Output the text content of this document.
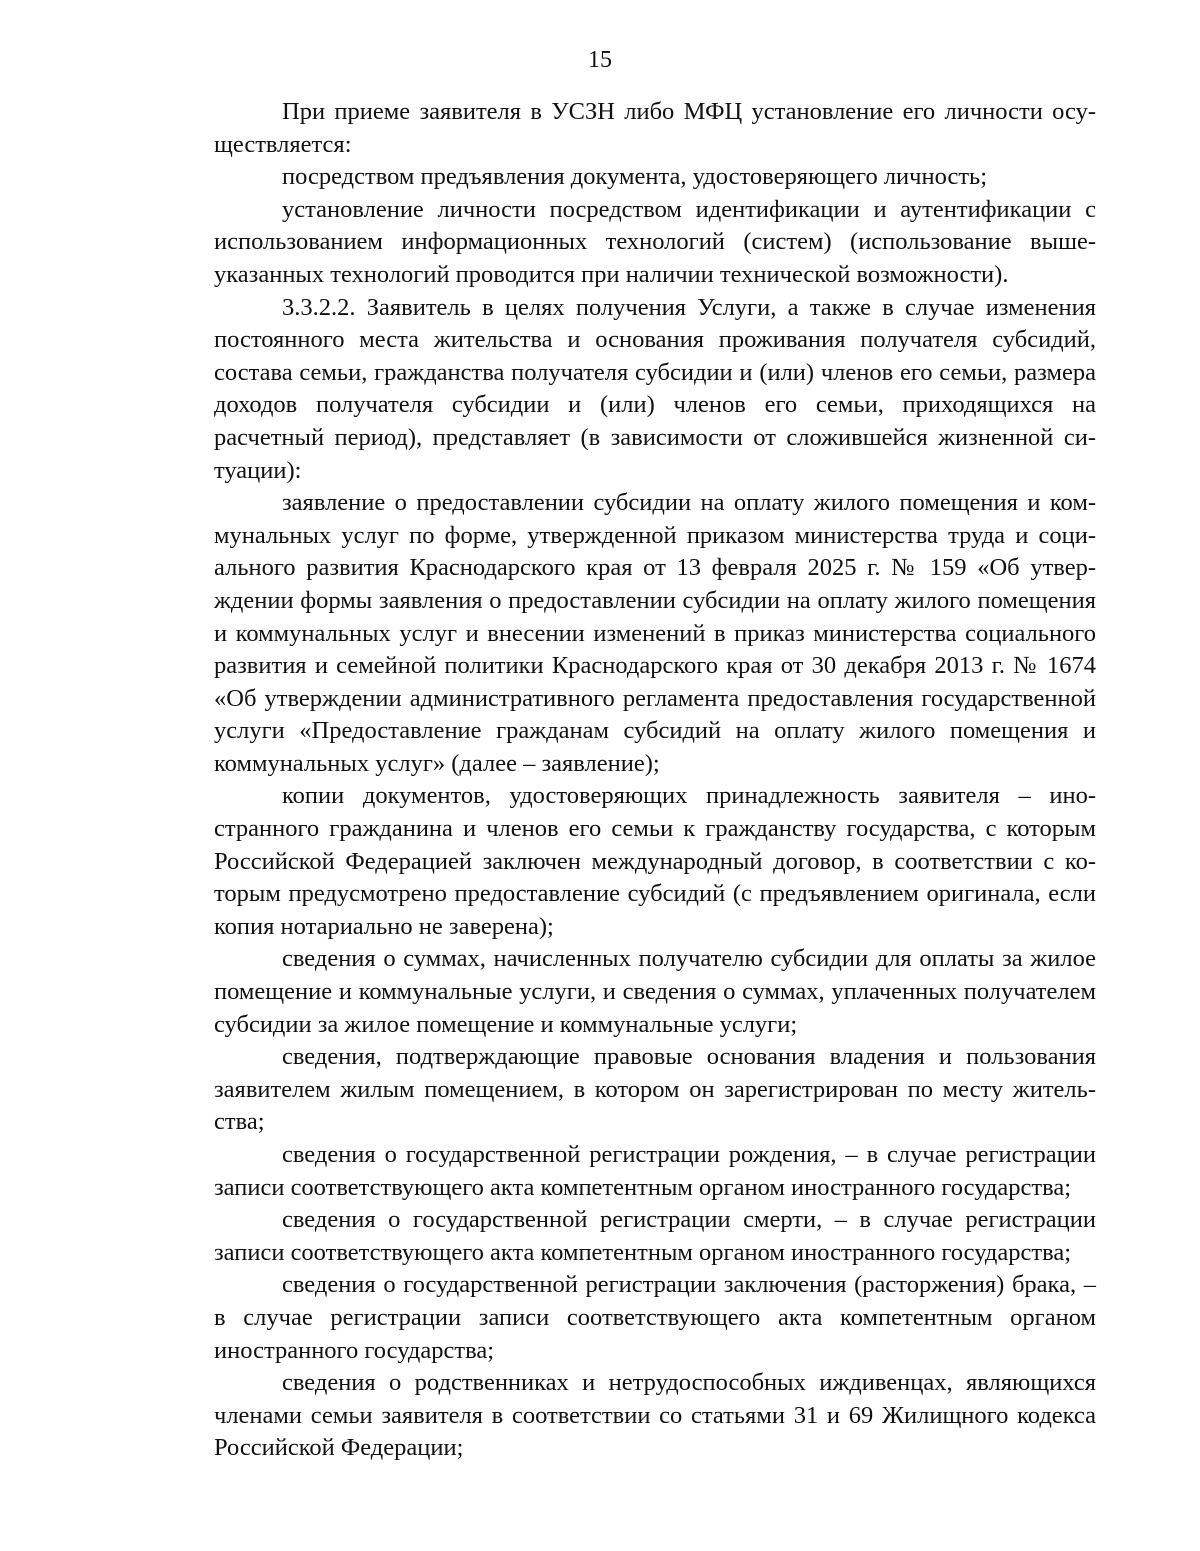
15

При приеме заявителя в УСЗН либо МФЦ установление его личности осуществляется:

посредством предъявления документа, удостоверяющего личность;

установление личности посредством идентификации и аутентификации с использованием информационных технологий (систем) (использование вышеуказанных технологий проводится при наличии технической возможности).

3.3.2.2. Заявитель в целях получения Услуги, а также в случае изменения постоянного места жительства и основания проживания получателя субсидий, состава семьи, гражданства получателя субсидии и (или) членов его семьи, размера доходов получателя субсидии и (или) членов его семьи, приходящихся на расчетный период), представляет (в зависимости от сложившейся жизненной ситуации):

заявление о предоставлении субсидии на оплату жилого помещения и коммунальных услуг по форме, утвержденной приказом министерства труда и социального развития Краснодарского края от 13 февраля 2025 г. № 159 «Об утверждении формы заявления о предоставлении субсидии на оплату жилого помещения и коммунальных услуг и внесении изменений в приказ министерства социального развития и семейной политики Краснодарского края от 30 декабря 2013 г. № 1674 «Об утверждении административного регламента предоставления государственной услуги «Предоставление гражданам субсидий на оплату жилого помещения и коммунальных услуг» (далее – заявление);

копии документов, удостоверяющих принадлежность заявителя – иностранного гражданина и членов его семьи к гражданству государства, с которым Российской Федерацией заключен международный договор, в соответствии с которым предусмотрено предоставление субсидий (с предъявлением оригинала, если копия нотариально не заверена);

сведения о суммах, начисленных получателю субсидии для оплаты за жилое помещение и коммунальные услуги, и сведения о суммах, уплаченных получателем субсидии за жилое помещение и коммунальные услуги;

сведения, подтверждающие правовые основания владения и пользования заявителем жилым помещением, в котором он зарегистрирован по месту жительства;

сведения о государственной регистрации рождения, – в случае регистрации записи соответствующего акта компетентным органом иностранного государства;

сведения о государственной регистрации смерти, – в случае регистрации записи соответствующего акта компетентным органом иностранного государства;

сведения о государственной регистрации заключения (расторжения) брака, – в случае регистрации записи соответствующего акта компетентным органом иностранного государства;

сведения о родственниках и нетрудоспособных иждивенцах, являющихся членами семьи заявителя в соответствии со статьями 31 и 69 Жилищного кодекса Российской Федерации;
